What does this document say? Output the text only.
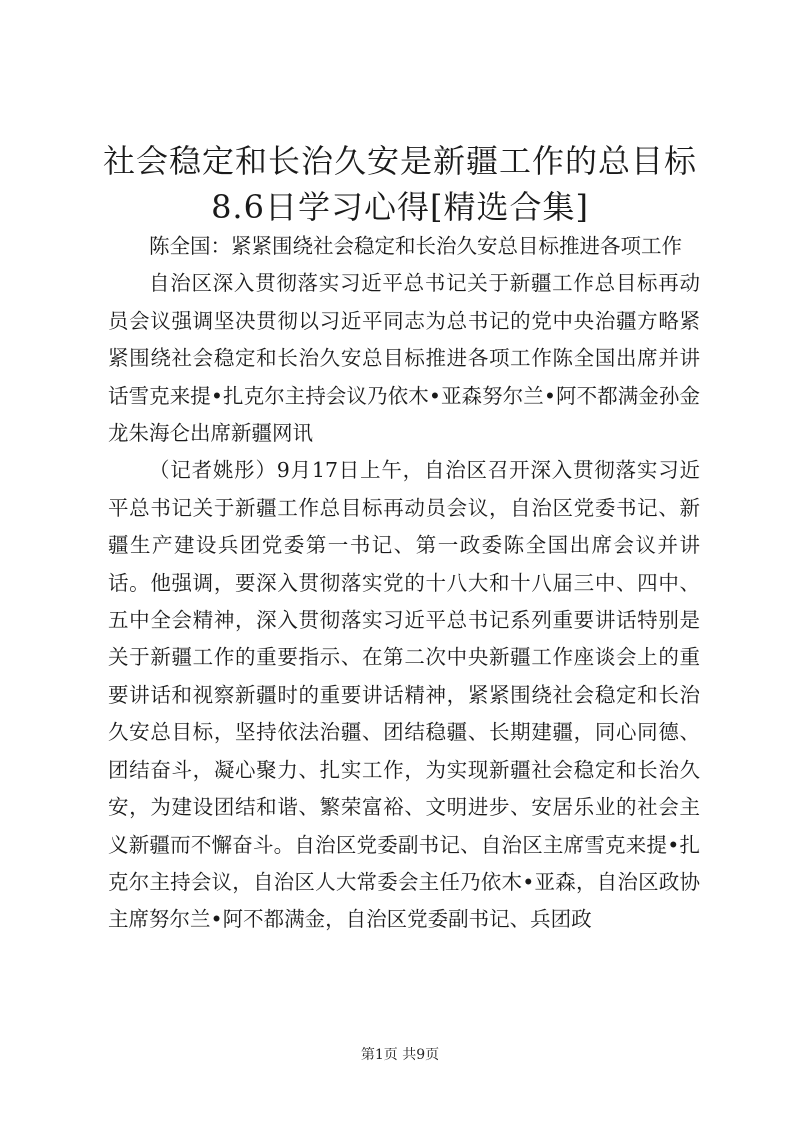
社会稳定和长治久安是新疆工作的总目标8.6日学习心得[精选合集]

陈全国：紧紧围绕社会稳定和长治久安总目标推进各项工作

自治区深入贯彻落实习近平总书记关于新疆工作总目标再动员会议强调坚决贯彻以习近平同志为总书记的党中央治疆方略紧紧围绕社会稳定和长治久安总目标推进各项工作陈全国出席并讲话雪克来提•扎克尔主持会议乃依木•亚森努尔兰•阿不都满金孙金龙朱海仑出席新疆网讯

（记者姚彤）9月17日上午，自治区召开深入贯彻落实习近平总书记关于新疆工作总目标再动员会议，自治区党委书记、新疆生产建设兵团党委第一书记、第一政委陈全国出席会议并讲话。他强调，要深入贯彻落实党的十八大和十八届三中、四中、五中全会精神，深入贯彻落实习近平总书记系列重要讲话特别是关于新疆工作的重要指示、在第二次中央新疆工作座谈会上的重要讲话和视察新疆时的重要讲话精神，紧紧围绕社会稳定和长治久安总目标，坚持依法治疆、团结稳疆、长期建疆，同心同德、团结奋斗，凝心聚力、扎实工作，为实现新疆社会稳定和长治久安，为建设团结和谐、繁荣富裕、文明进步、安居乐业的社会主义新疆而不懈奋斗。自治区党委副书记、自治区主席雪克来提•扎克尔主持会议，自治区人大常委会主任乃依木•亚森，自治区政协主席努尔兰•阿不都满金，自治区党委副书记、兵团政

第1页 共9页
